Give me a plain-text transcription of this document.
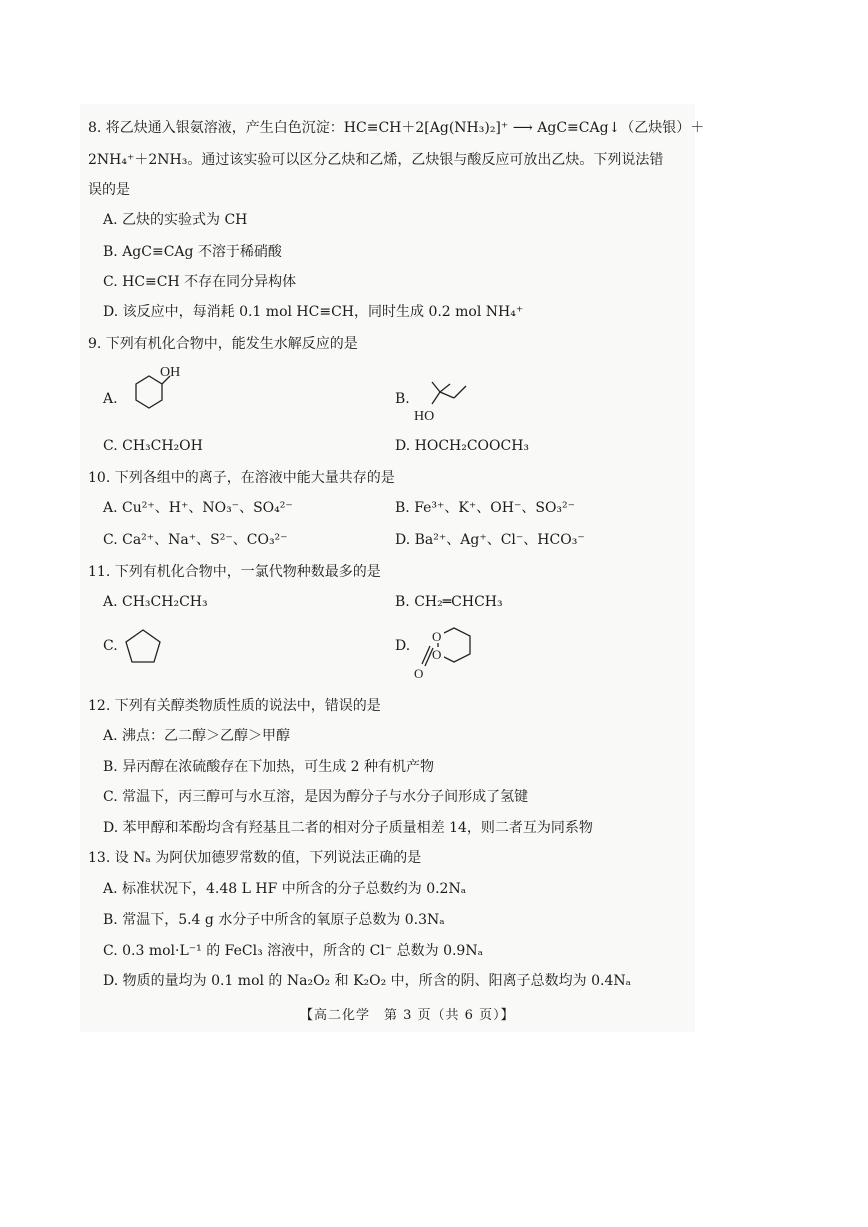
8. 将乙炔通入银氨溶液，产生白色沉淀：HC≡CH＋2[Ag(NH₃)₂]⁺ ⟶ AgC≡CAg↓（乙炔银）＋
2NH₄⁺＋2NH₃。通过该实验可以区分乙炔和乙烯，乙炔银与酸反应可放出乙炔。下列说法错
误的是
A. 乙炔的实验式为 CH
B. AgC≡CAg 不溶于稀硝酸
C. HC≡CH 不存在同分异构体
D. 该反应中，每消耗 0.1 mol HC≡CH，同时生成 0.2 mol NH₄⁺
9. 下列有机化合物中，能发生水解反应的是
A.
OH
B.
HO
C. CH₃CH₂OH	D. HOCH₂COOCH₃
10. 下列各组中的离子，在溶液中能大量共存的是
A. Cu²⁺、H⁺、NO₃⁻、SO₄²⁻	B. Fe³⁺、K⁺、OH⁻、SO₃²⁻
C. Ca²⁺、Na⁺、S²⁻、CO₃²⁻	D. Ba²⁺、Ag⁺、Cl⁻、HCO₃⁻
11. 下列有机化合物中，一氯代物种数最多的是
A. CH₃CH₂CH₃	B. CH₂═CHCH₃
C.	D.
O
O
O
12. 下列有关醇类物质性质的说法中，错误的是
A. 沸点：乙二醇＞乙醇＞甲醇
B. 异丙醇在浓硫酸存在下加热，可生成 2 种有机产物
C. 常温下，丙三醇可与水互溶，是因为醇分子与水分子间形成了氢键
D. 苯甲醇和苯酚均含有羟基且二者的相对分子质量相差 14，则二者互为同系物
13. 设 Nₐ 为阿伏加德罗常数的值，下列说法正确的是
A. 标准状况下，4.48 L HF 中所含的分子总数约为 0.2Nₐ
B. 常温下，5.4 g 水分子中所含的氧原子总数为 0.3Nₐ
C. 0.3 mol·L⁻¹ 的 FeCl₃ 溶液中，所含的 Cl⁻ 总数为 0.9Nₐ
D. 物质的量均为 0.1 mol 的 Na₂O₂ 和 K₂O₂ 中，所含的阴、阳离子总数均为 0.4Nₐ
【高二化学　第 3 页（共 6 页）】
